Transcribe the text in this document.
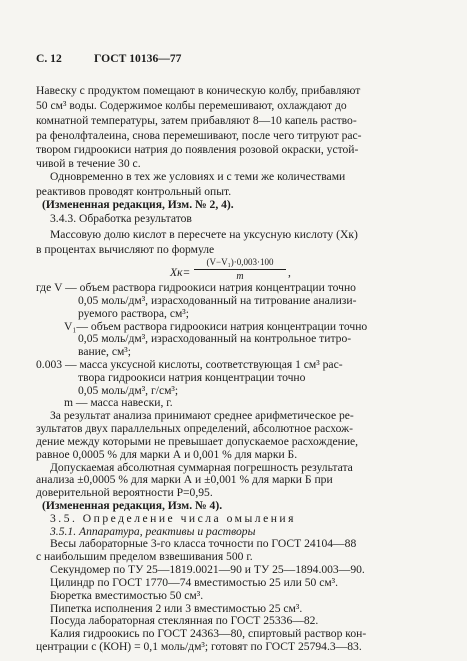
С. 12	ГОСТ 10136—77
Навеску с продуктом помещают в коническую колбу, прибавляют
50 см³ воды. Содержимое колбы перемешивают, охлаждают до
комнатной температуры, затем прибавляют 8—10 капель раство-
ра фенолфталеина, снова перемешивают, после чего титруют рас-
твором гидроокиси натрия до появления розовой окраски, устой-
чивой в течение 30 с.
Одновременно в тех же условиях и с теми же количествами
реактивов проводят контрольный опыт.
(Измененная редакция, Изм. № 2, 4).
3.4.3. Обработка результатов
Массовую долю кислот в пересчете на уксусную кислоту (Xк)
в процентах вычисляют по формуле
$Xк= \frac{\text{(V−V₁)·0,003·100}}{m}$ ,
где V — объем раствора гидроокиси натрия концентрации точно
0,05 моль/дм³, израсходованный на титрование анализи-
руемого раствора, см³;
V₁— объем раствора гидроокиси натрия концентрации точно
0,05 моль/дм³, израсходованный на контрольное титро-
вание, см³;
0.003 — масса уксусной кислоты, соответствующая 1 см³ рас-
твора гидроокиси натрия концентрации точно
0,05 моль/дм³, г/см³;
m — масса навески, г.
За результат анализа принимают среднее арифметическое ре-
зультатов двух параллельных определений, абсолютное расхож-
дение между которыми не превышает допускаемое расхождение,
равное 0,0005 % для марки А и 0,001 % для марки Б.
Допускаемая абсолютная суммарная погрешность результата
анализа ±0,0005 % для марки А и ±0,001 % для марки Б при
доверительной вероятности P=0,95.
(Измененная редакция, Изм. № 4).
3.5. Определение числа омыления
3.5.1. Аппаратура, реактивы и растворы
Весы лабораторные 3-го класса точности по ГОСТ 24104—88
с наибольшим пределом взвешивания 500 г.
Секундомер по ТУ 25—1819.0021—90 и ТУ 25—1894.003—90.
Цилиндр по ГОСТ 1770—74 вместимостью 25 или 50 см³.
Бюретка вместимостью 50 см³.
Пипетка исполнения 2 или 3 вместимостью 25 см³.
Посуда лабораторная стеклянная по ГОСТ 25336—82.
Калия гидроокись по ГОСТ 24363—80, спиртовый раствор кон-
центрации с (КОН) = 0,1 моль/дм³; готовят по ГОСТ 25794.3—83.
